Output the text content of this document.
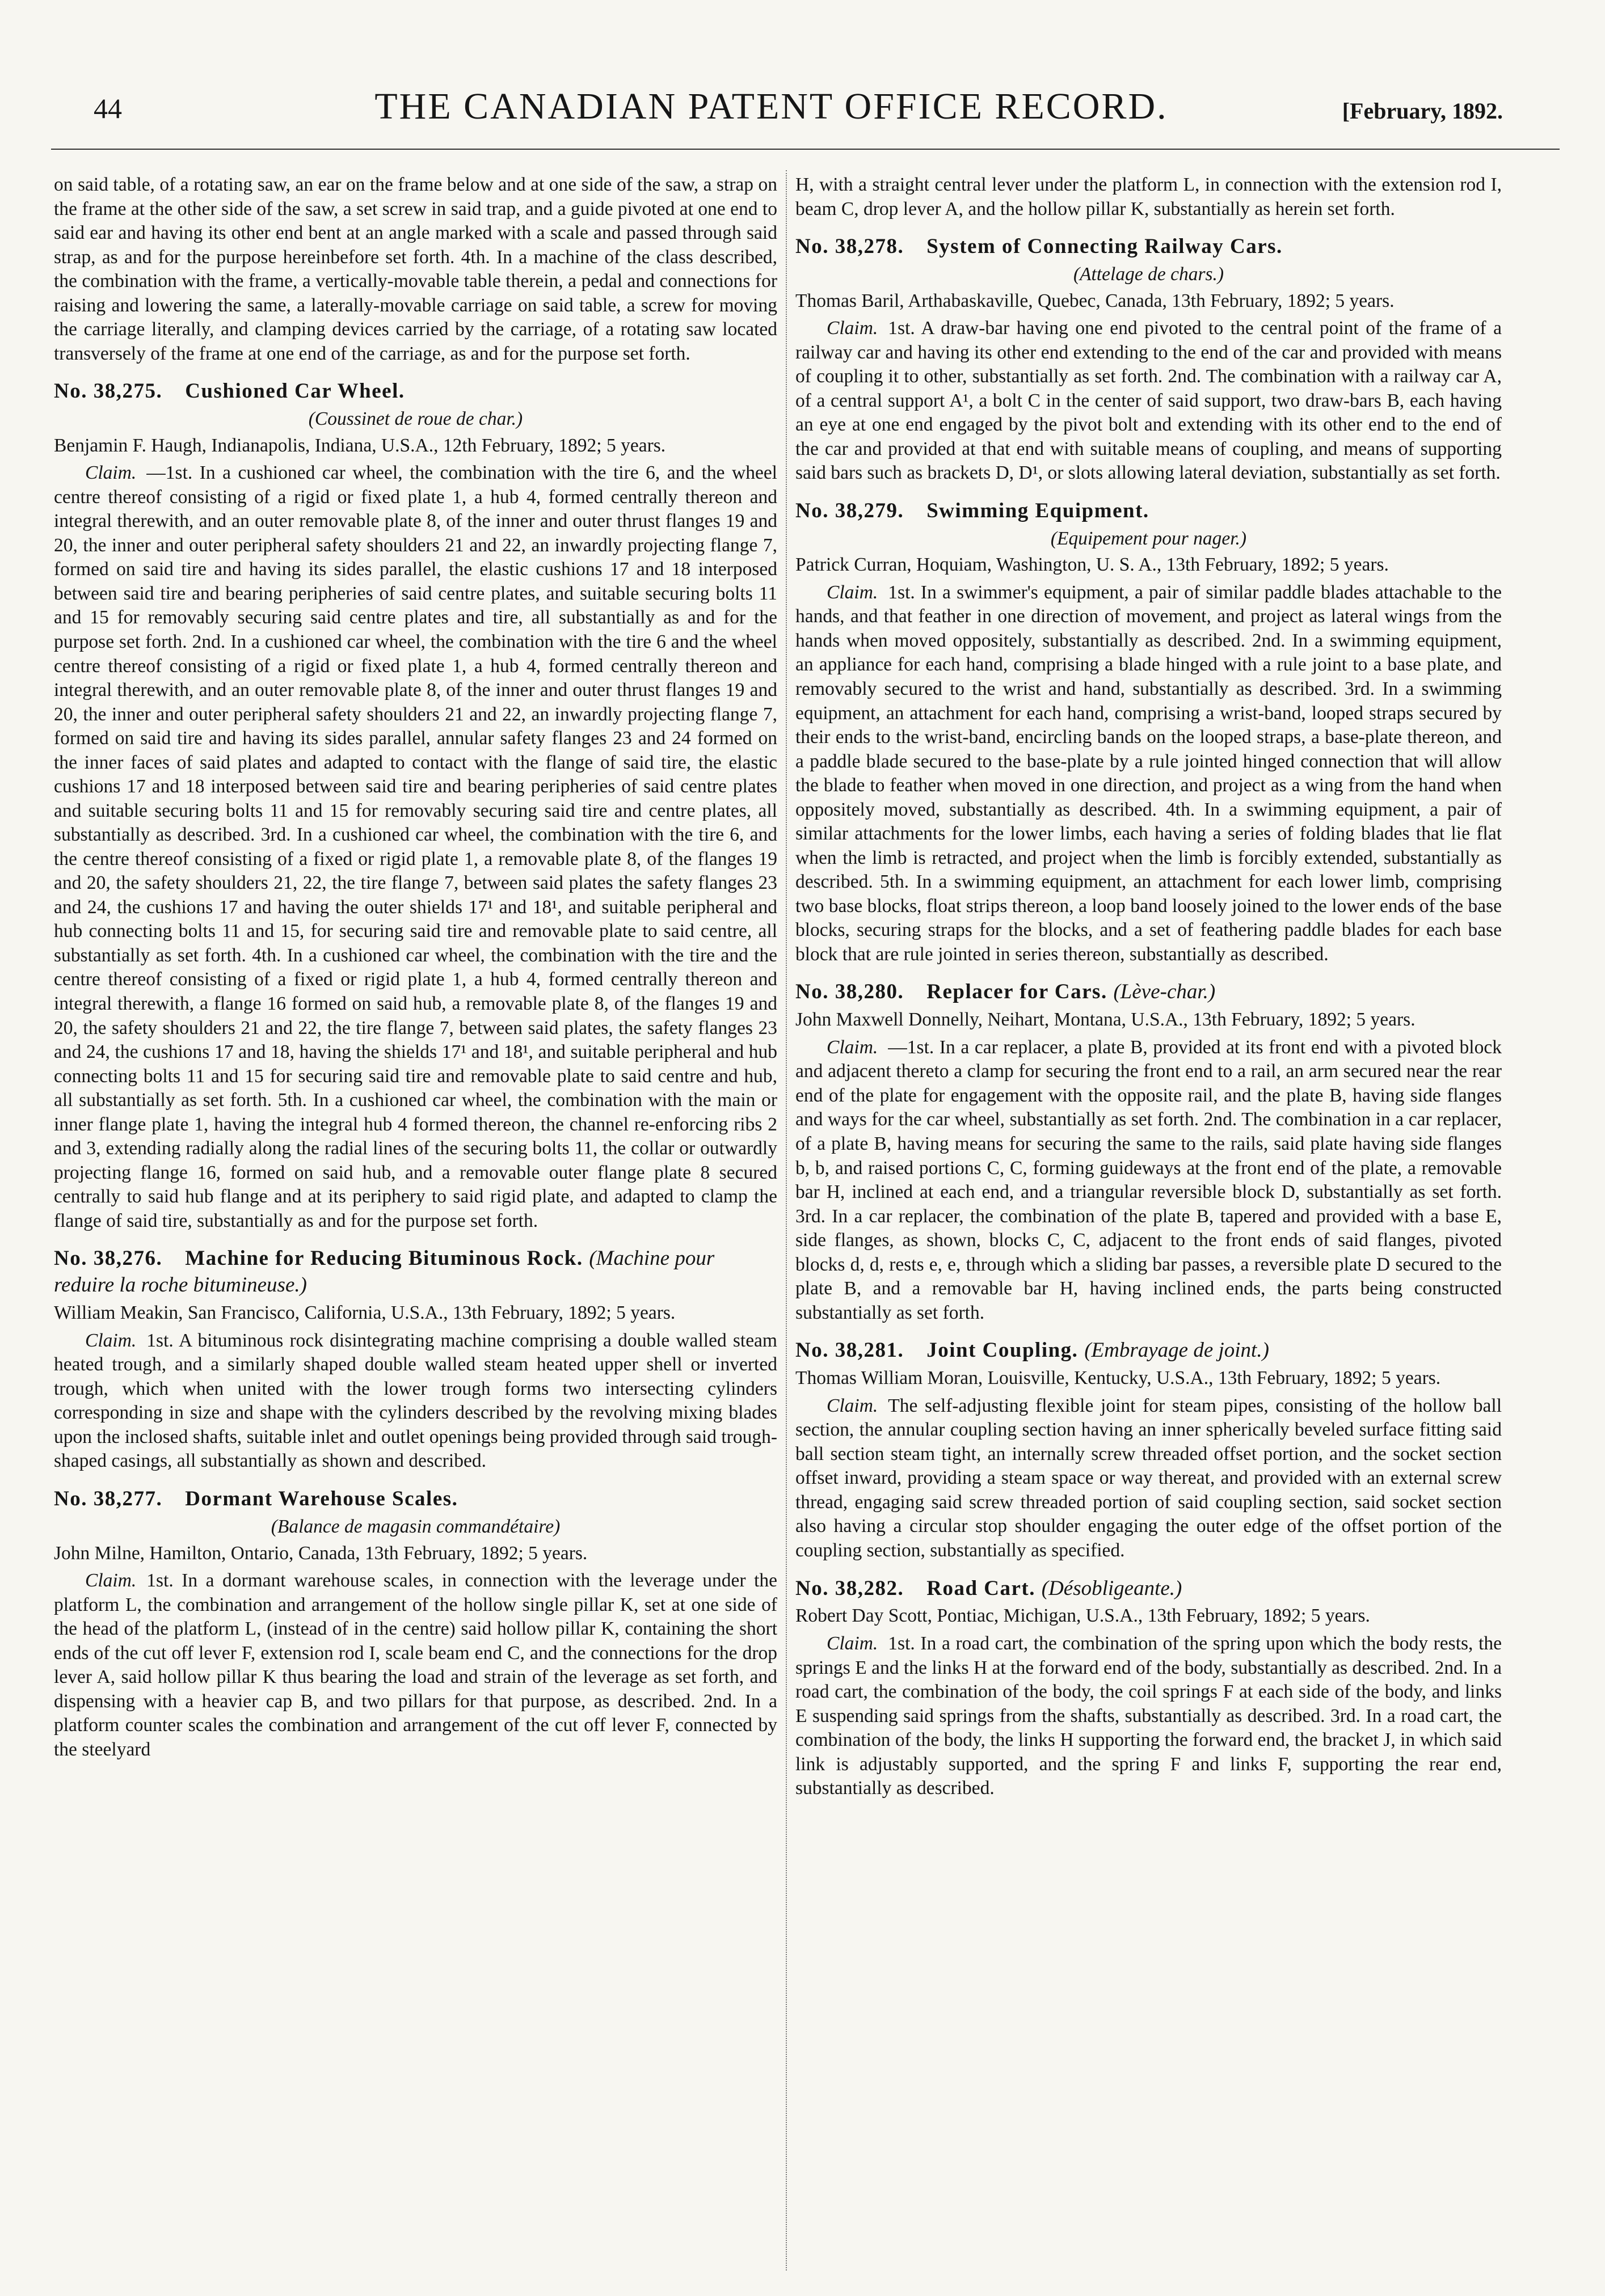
44	THE CANADIAN PATENT OFFICE RECORD.	[February, 1892.

on said table, of a rotating saw, an ear on the frame below and at one side of the saw, a strap on the frame at the other side of the saw, a set screw in said trap, and a guide pivoted at one end to said ear and having its other end bent at an angle marked with a scale and passed through said strap, as and for the purpose hereinbefore set forth. 4th. In a machine of the class described, the combination with the frame, a vertically-movable table therein, a pedal and connections for raising and lowering the same, a laterally-movable carriage on said table, a screw for moving the carriage literally, and clamping devices carried by the carriage, of a rotating saw located transversely of the frame at one end of the carriage, as and for the purpose set forth.

No. 38,275. Cushioned Car Wheel.
(Coussinet de roue de char.)
Benjamin F. Haugh, Indianapolis, Indiana, U.S.A., 12th February, 1892; 5 years.

Claim. —1st. In a cushioned car wheel, the combination with the tire 6, and the wheel centre thereof consisting of a rigid or fixed plate 1, a hub 4, formed centrally thereon and integral therewith, and an outer removable plate 8, of the inner and outer thrust flanges 19 and 20, the inner and outer peripheral safety shoulders 21 and 22, an inwardly projecting flange 7, formed on said tire and having its sides parallel, the elastic cushions 17 and 18 interposed between said tire and bearing peripheries of said centre plates, and suitable securing bolts 11 and 15 for removably securing said centre plates and tire, all substantially as and for the purpose set forth. 2nd. In a cushioned car wheel, the combination with the tire 6 and the wheel centre thereof consisting of a rigid or fixed plate 1, a hub 4, formed centrally thereon and integral therewith, and an outer removable plate 8, of the inner and outer thrust flanges 19 and 20, the inner and outer peripheral safety shoulders 21 and 22, an inwardly projecting flange 7, formed on said tire and having its sides parallel, annular safety flanges 23 and 24 formed on the inner faces of said plates and adapted to contact with the flange of said tire, the elastic cushions 17 and 18 interposed between said tire and bearing peripheries of said centre plates and suitable securing bolts 11 and 15 for removably securing said tire and centre plates, all substantially as described. 3rd. In a cushioned car wheel, the combination with the tire 6, and the centre thereof consisting of a fixed or rigid plate 1, a removable plate 8, of the flanges 19 and 20, the safety shoulders 21, 22, the tire flange 7, between said plates the safety flanges 23 and 24, the cushions 17 and having the outer shields 17¹ and 18¹, and suitable peripheral and hub connecting bolts 11 and 15, for securing said tire and removable plate to said centre, all substantially as set forth. 4th. In a cushioned car wheel, the combination with the tire and the centre thereof consisting of a fixed or rigid plate 1, a hub 4, formed centrally thereon and integral therewith, a flange 16 formed on said hub, a removable plate 8, of the flanges 19 and 20, the safety shoulders 21 and 22, the tire flange 7, between said plates, the safety flanges 23 and 24, the cushions 17 and 18, having the shields 17¹ and 18¹, and suitable peripheral and hub connecting bolts 11 and 15 for securing said tire and removable plate to said centre and hub, all substantially as set forth. 5th. In a cushioned car wheel, the combination with the main or inner flange plate 1, having the integral hub 4 formed thereon, the channel re-enforcing ribs 2 and 3, extending radially along the radial lines of the securing bolts 11, the collar or outwardly projecting flange 16, formed on said hub, and a removable outer flange plate 8 secured centrally to said hub flange and at its periphery to said rigid plate, and adapted to clamp the flange of said tire, substantially as and for the purpose set forth.

No. 38,276. Machine for Reducing Bituminous Rock. (Machine pour reduire la roche bitumineuse.)
William Meakin, San Francisco, California, U.S.A., 13th February, 1892; 5 years.

Claim. 1st. A bituminous rock disintegrating machine comprising a double walled steam heated trough, and a similarly shaped double walled steam heated upper shell or inverted trough, which when united with the lower trough forms two intersecting cylinders corresponding in size and shape with the cylinders described by the revolving mixing blades upon the inclosed shafts, suitable inlet and outlet openings being provided through said trough-shaped casings, all substantially as shown and described.

No. 38,277. Dormant Warehouse Scales.
(Balance de magasin commandétaire)
John Milne, Hamilton, Ontario, Canada, 13th February, 1892; 5 years.

Claim. 1st. In a dormant warehouse scales, in connection with the leverage under the platform L, the combination and arrangement of the hollow single pillar K, set at one side of the head of the platform L, (instead of in the centre) said hollow pillar K, containing the short ends of the cut off lever F, extension rod I, scale beam end C, and the connections for the drop lever A, said hollow pillar K thus bearing the load and strain of the leverage as set forth, and dispensing with a heavier cap B, and two pillars for that purpose, as described. 2nd. In a platform counter scales the combination and arrangement of the cut off lever F, connected by the steelyard

H, with a straight central lever under the platform L, in connection with the extension rod I, beam C, drop lever A, and the hollow pillar K, substantially as herein set forth.

No. 38,278. System of Connecting Railway Cars.
(Attelage de chars.)
Thomas Baril, Arthabaskaville, Quebec, Canada, 13th February, 1892; 5 years.

Claim. 1st. A draw-bar having one end pivoted to the central point of the frame of a railway car and having its other end extending to the end of the car and provided with means of coupling it to other, substantially as set forth. 2nd. The combination with a railway car A, of a central support A¹, a bolt C in the center of said support, two draw-bars B, each having an eye at one end engaged by the pivot bolt and extending with its other end to the end of the car and provided at that end with suitable means of coupling, and means of supporting said bars such as brackets D, D¹, or slots allowing lateral deviation, substantially as set forth.

No. 38,279. Swimming Equipment.
(Equipement pour nager.)
Patrick Curran, Hoquiam, Washington, U. S. A., 13th February, 1892; 5 years.

Claim. 1st. In a swimmer's equipment, a pair of similar paddle blades attachable to the hands, and that feather in one direction of movement, and project as lateral wings from the hands when moved oppositely, substantially as described. 2nd. In a swimming equipment, an appliance for each hand, comprising a blade hinged with a rule joint to a base plate, and removably secured to the wrist and hand, substantially as described. 3rd. In a swimming equipment, an attachment for each hand, comprising a wrist-band, looped straps secured by their ends to the wrist-band, encircling bands on the looped straps, a base-plate thereon, and a paddle blade secured to the base-plate by a rule jointed hinged connection that will allow the blade to feather when moved in one direction, and project as a wing from the hand when oppositely moved, substantially as described. 4th. In a swimming equipment, a pair of similar attachments for the lower limbs, each having a series of folding blades that lie flat when the limb is retracted, and project when the limb is forcibly extended, substantially as described. 5th. In a swimming equipment, an attachment for each lower limb, comprising two base blocks, float strips thereon, a loop band loosely joined to the lower ends of the base blocks, securing straps for the blocks, and a set of feathering paddle blades for each base block that are rule jointed in series thereon, substantially as described.

No. 38,280. Replacer for Cars. (Lève-char.)
John Maxwell Donnelly, Neihart, Montana, U.S.A., 13th February, 1892; 5 years.

Claim. —1st. In a car replacer, a plate B, provided at its front end with a pivoted block and adjacent thereto a clamp for securing the front end to a rail, an arm secured near the rear end of the plate for engagement with the opposite rail, and the plate B, having side flanges and ways for the car wheel, substantially as set forth. 2nd. The combination in a car replacer, of a plate B, having means for securing the same to the rails, said plate having side flanges b, b, and raised portions C, C, forming guideways at the front end of the plate, a removable bar H, inclined at each end, and a triangular reversible block D, substantially as set forth. 3rd. In a car replacer, the combination of the plate B, tapered and provided with a base E, side flanges, as shown, blocks C, C, adjacent to the front ends of said flanges, pivoted blocks d, d, rests e, e, through which a sliding bar passes, a reversible plate D secured to the plate B, and a removable bar H, having inclined ends, the parts being constructed substantially as set forth.

No. 38,281. Joint Coupling. (Embrayage de joint.)
Thomas William Moran, Louisville, Kentucky, U.S.A., 13th February, 1892; 5 years.

Claim. The self-adjusting flexible joint for steam pipes, consisting of the hollow ball section, the annular coupling section having an inner spherically beveled surface fitting said ball section steam tight, an internally screw threaded offset portion, and the socket section offset inward, providing a steam space or way thereat, and provided with an external screw thread, engaging said screw threaded portion of said coupling section, said socket section also having a circular stop shoulder engaging the outer edge of the offset portion of the coupling section, substantially as specified.

No. 38,282. Road Cart. (Désobligeante.)
Robert Day Scott, Pontiac, Michigan, U.S.A., 13th February, 1892; 5 years.

Claim. 1st. In a road cart, the combination of the spring upon which the body rests, the springs E and the links H at the forward end of the body, substantially as described. 2nd. In a road cart, the combination of the body, the coil springs F at each side of the body, and links E suspending said springs from the shafts, substantially as described. 3rd. In a road cart, the combination of the body, the links H supporting the forward end, the bracket J, in which said link is adjustably supported, and the spring F and links F, supporting the rear end, substantially as described.
